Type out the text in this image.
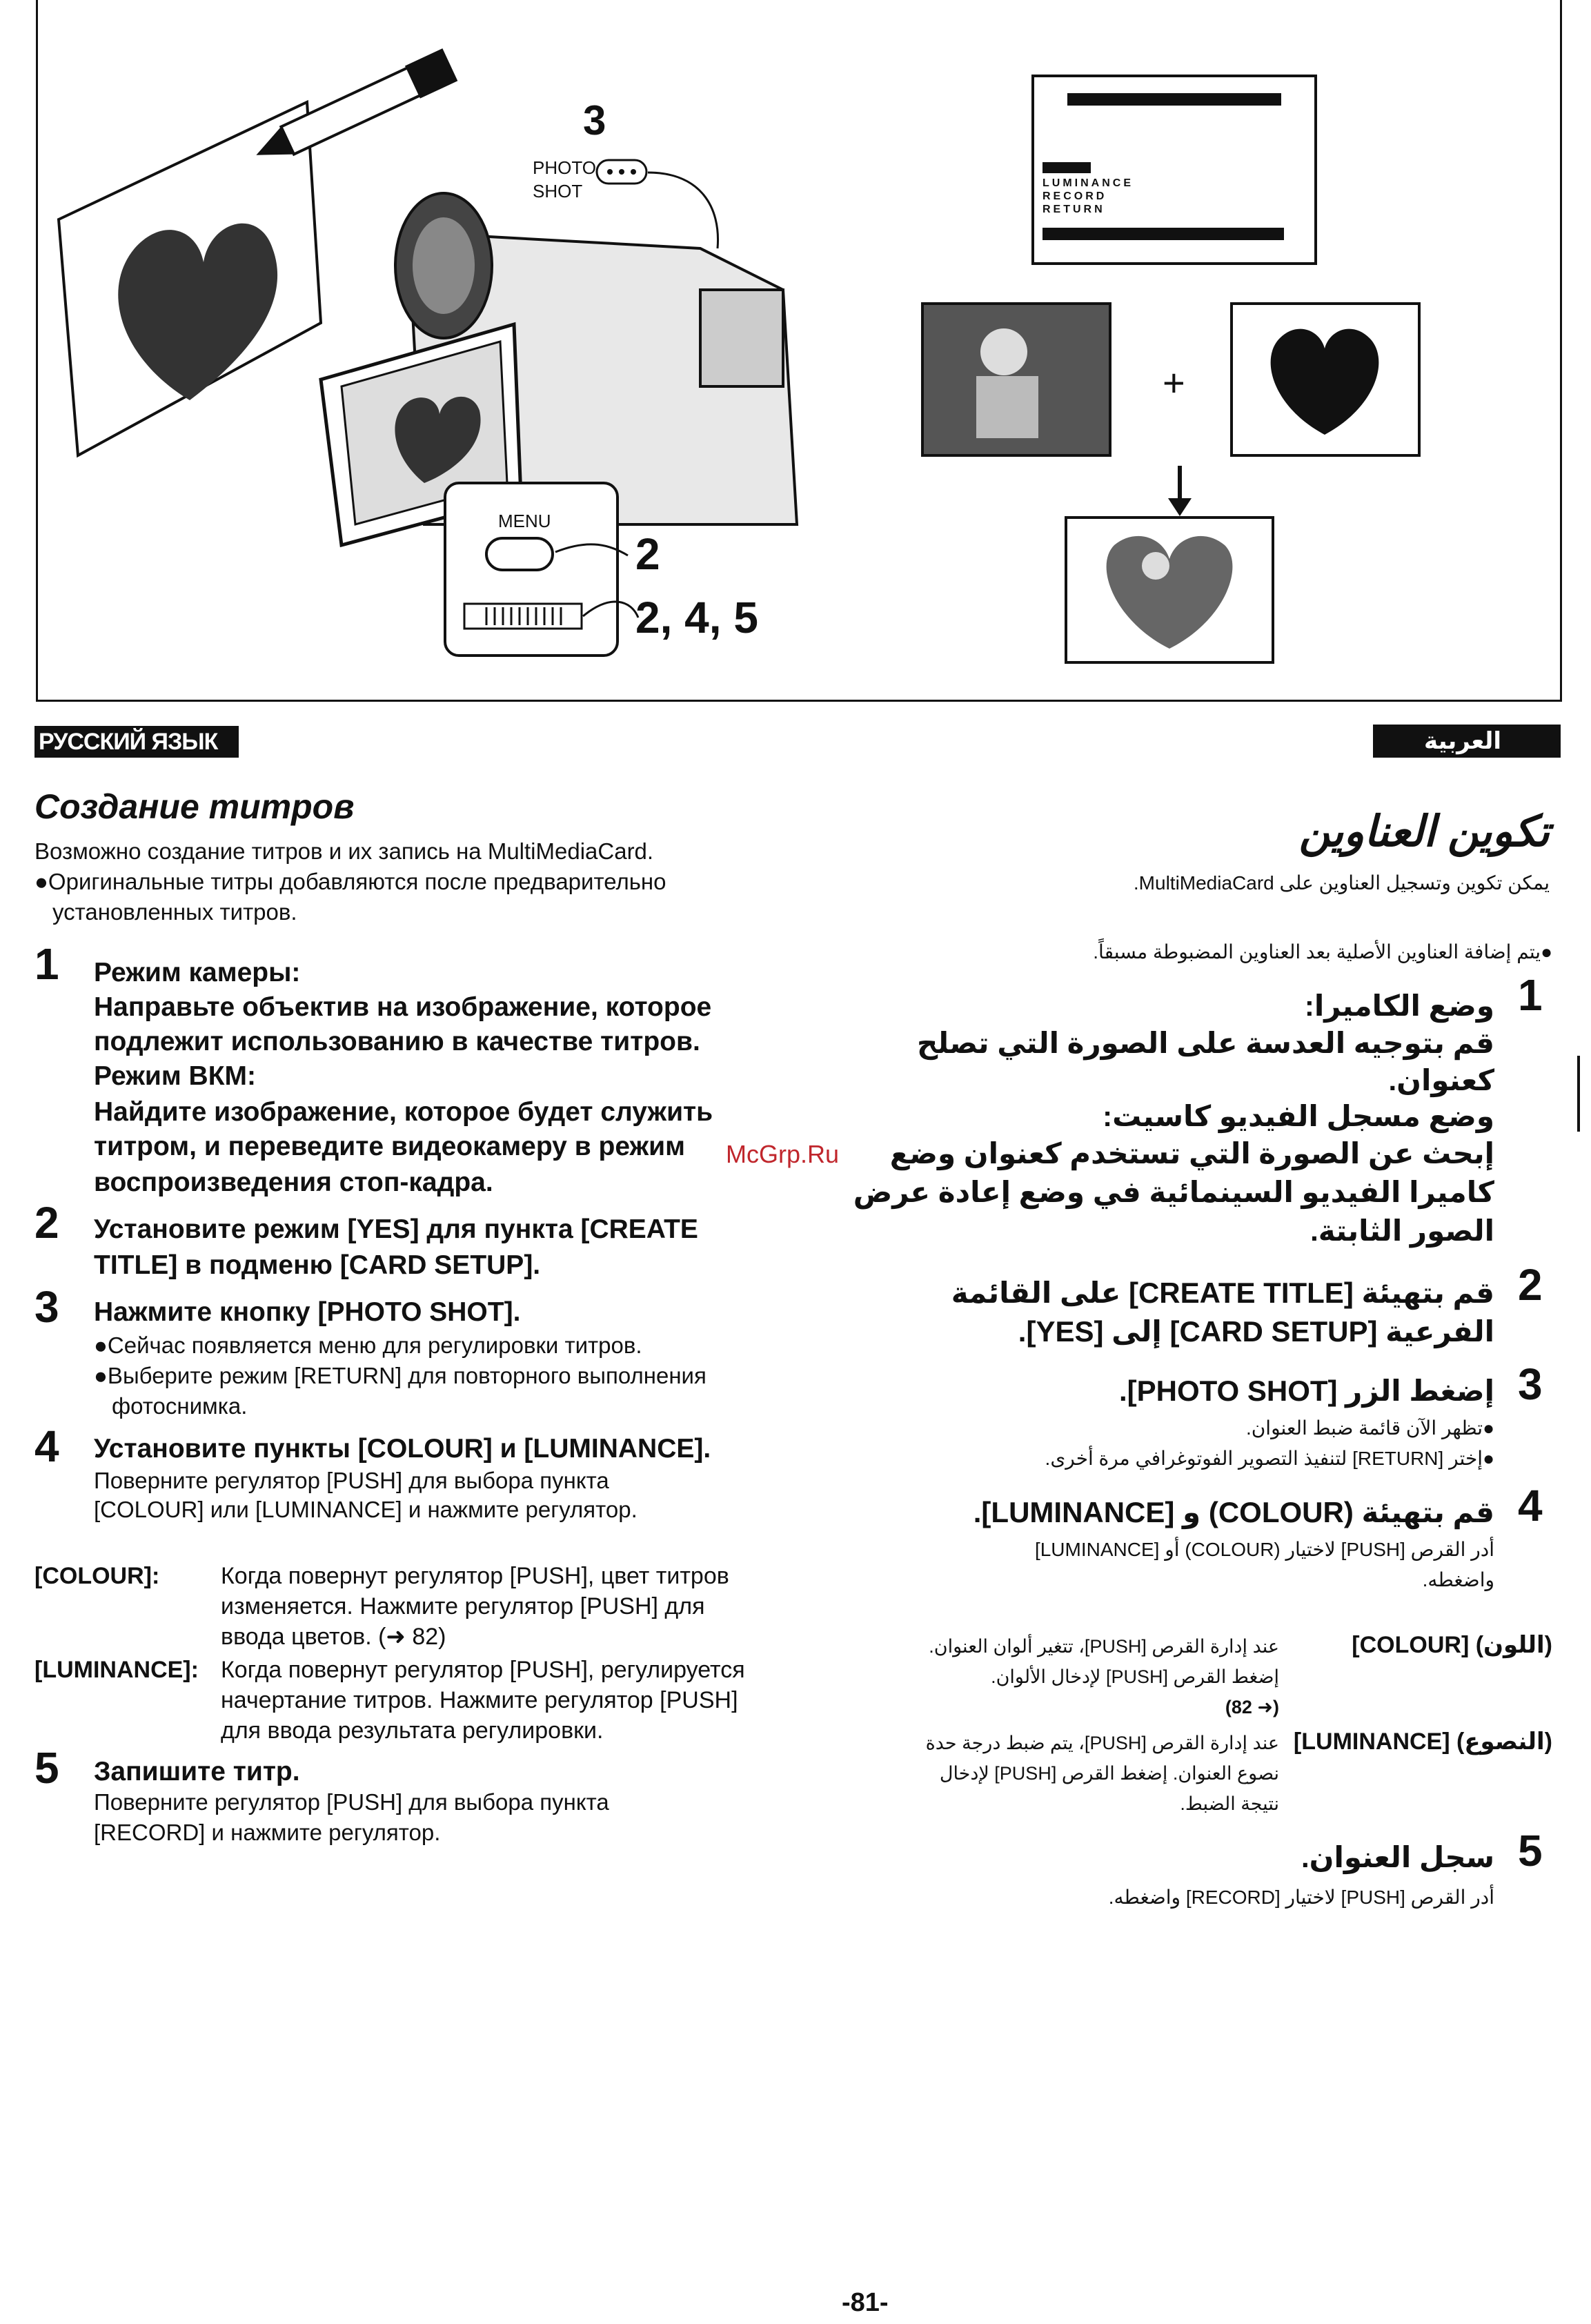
3
PHOTO
SHOT
MENU
2
2, 4, 5
+
LUMINANCE
RECORD
RETURN
РУССКИЙ ЯЗЫК	العربية
Создание титров
Возможно создание титров и их запись на MultiMediaCard.
●Оригинальные титры добавляются после предварительно
установленных титров.
1 Режим камеры:
Направьте объектив на изображение, которое
подлежит использованию в качестве титров.
Режим ВКМ:
Найдите изображение, которое будет служить
титром, и переведите видеокамеру в режим
воспроизведения стоп-кадра.
2 Установите режим [YES] для пункта [CREATE
TITLE] в подменю [CARD SETUP].
3 Нажмите кнопку [PHOTO SHOT].
●Сейчас появляется меню для регулировки титров.
●Выберите режим [RETURN] для повторного выполнения
фотоснимка.
4 Установите пункты [COLOUR] и [LUMINANCE].
Поверните регулятор [PUSH] для выбора пункта
[COLOUR] или [LUMINANCE] и нажмите регулятор.
[COLOUR]:	Когда повернут регулятор [PUSH], цвет титров
изменяется. Нажмите регулятор [PUSH] для
ввода цветов. (➜ 82)
[LUMINANCE]: Когда повернут регулятор [PUSH], регулируется
начертание титров. Нажмите регулятор [PUSH]
для ввода результата регулировки.
5 Запишите титр.
Поверните регулятор [PUSH] для выбора пункта
[RECORD] и нажмите регулятор.
تكوين العناوين
يمكن تكوين وتسجيل العناوين على MultiMediaCard.
●يتم إضافة العناوين الأصلية بعد العناوين المضبوطة مسبقاً.
1
وضع الكاميرا:
قم بتوجيه العدسة على الصورة التي تصلح
كعنوان.
وضع مسجل الفيديو كاسيت:
إبحث عن الصورة التي تستخدم كعنوان وضع
كاميرا الفيديو السينمائية في وضع إعادة عرض
الصور الثابتة.
2
قم بتهيئة [CREATE TITLE] على القائمة
الفرعية [CARD SETUP] إلى [YES].
3
إضغط الزر [PHOTO SHOT].
●تظهر الآن قائمة ضبط العنوان.
●إختر [RETURN] لتنفيذ التصوير الفوتوغرافي مرة أخرى.
4
قم بتهيئة (COLOUR) و [LUMINANCE].
أدر القرص [PUSH] لاختيار (COLOUR) أو [LUMINANCE]
واضغطه.
(اللون) [COLOUR]
عند إدارة القرص [PUSH]، تتغير ألوان العنوان.
إضغط القرص [PUSH] لإدخال الألوان.
(➜ 82)
(النصوع) [LUMINANCE]
عند إدارة القرص [PUSH]، يتم ضبط درجة حدة
نصوع العنوان. إضغط القرص [PUSH] لإدخال
نتيجة الضبط.
5
سجل العنوان.
أدر القرص [PUSH] لاختيار [RECORD] واضغطه.
McGrp.Ru
-81-
